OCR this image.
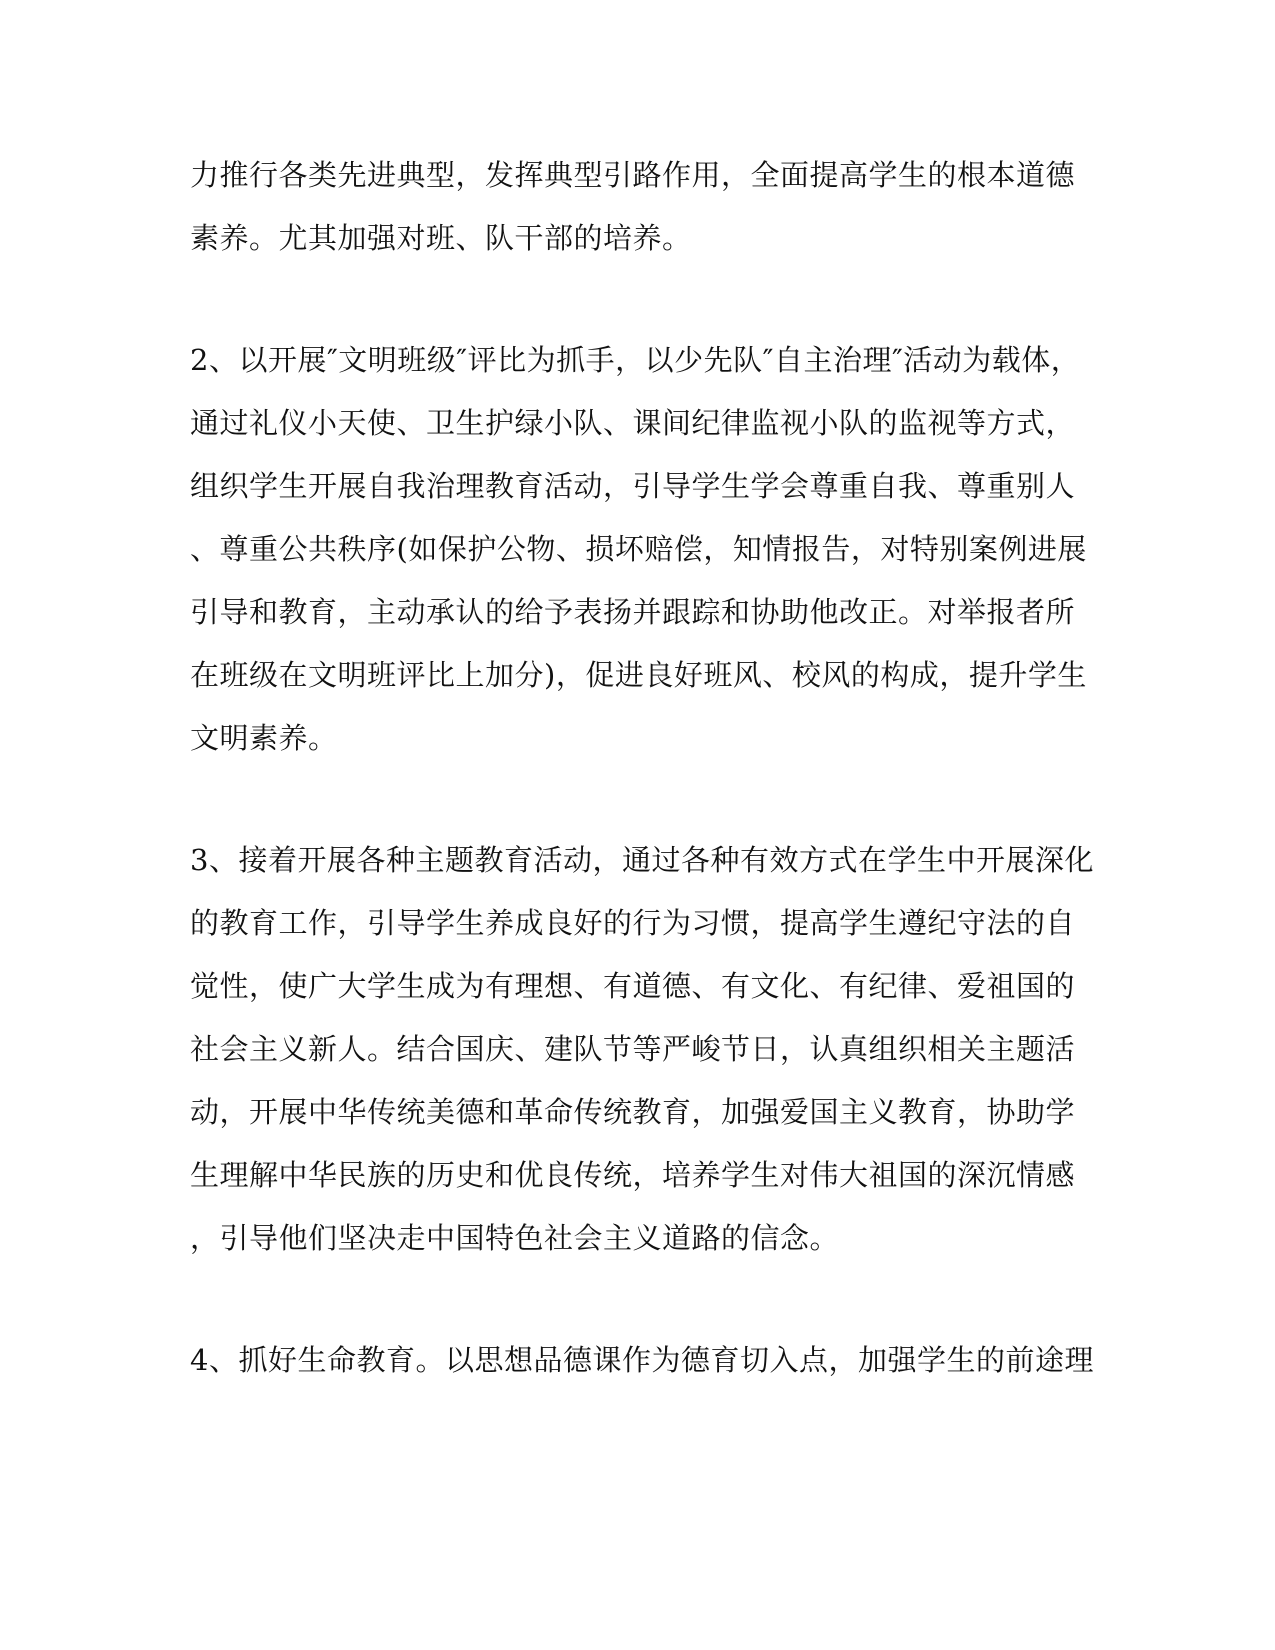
力推行各类先进典型，发挥典型引路作用，全面提高学生的根本道德
素养。尤其加强对班、队干部的培养。
2、以开展″文明班级″评比为抓手，以少先队″自主治理″活动为载体，
通过礼仪小天使、卫生护绿小队、课间纪律监视小队的监视等方式，
组织学生开展自我治理教育活动，引导学生学会尊重自我、尊重别人
、尊重公共秩序(如保护公物、损坏赔偿，知情报告，对特别案例进展
引导和教育，主动承认的给予表扬并跟踪和协助他改正。对举报者所
在班级在文明班评比上加分)，促进良好班风、校风的构成，提升学生
文明素养。
3、接着开展各种主题教育活动，通过各种有效方式在学生中开展深化
的教育工作，引导学生养成良好的行为习惯，提高学生遵纪守法的自
觉性，使广大学生成为有理想、有道德、有文化、有纪律、爱祖国的
社会主义新人。结合国庆、建队节等严峻节日，认真组织相关主题活
动，开展中华传统美德和革命传统教育，加强爱国主义教育，协助学
生理解中华民族的历史和优良传统，培养学生对伟大祖国的深沉情感
，引导他们坚决走中国特色社会主义道路的信念。
4、抓好生命教育。以思想品德课作为德育切入点，加强学生的前途理
